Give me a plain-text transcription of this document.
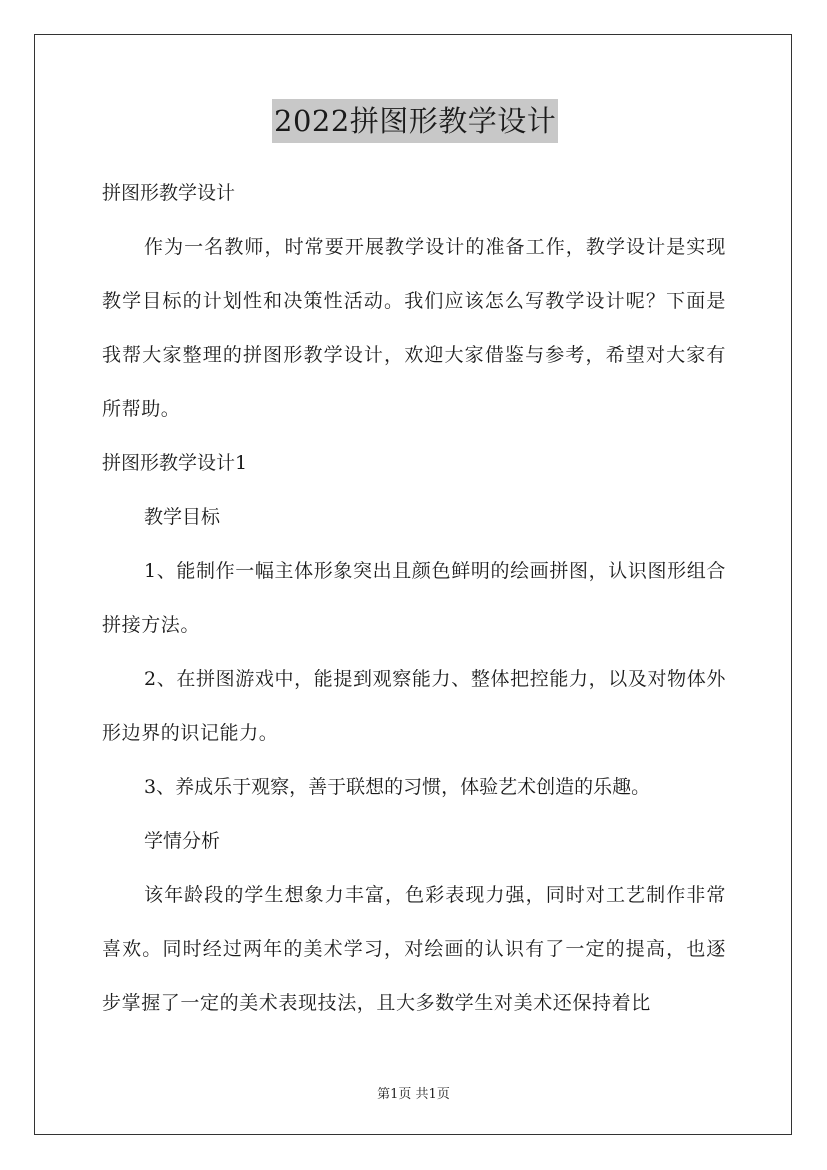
2022拼图形教学设计

拼图形教学设计

作为一名教师，时常要开展教学设计的准备工作，教学设计是实现教学目标的计划性和决策性活动。我们应该怎么写教学设计呢？下面是我帮大家整理的拼图形教学设计，欢迎大家借鉴与参考，希望对大家有所帮助。

拼图形教学设计1

教学目标

1、能制作一幅主体形象突出且颜色鲜明的绘画拼图，认识图形组合拼接方法。

2、在拼图游戏中，能提到观察能力、整体把控能力，以及对物体外形边界的识记能力。

3、养成乐于观察，善于联想的习惯，体验艺术创造的乐趣。

学情分析

该年龄段的学生想象力丰富，色彩表现力强，同时对工艺制作非常喜欢。同时经过两年的美术学习，对绘画的认识有了一定的提高，也逐步掌握了一定的美术表现技法，且大多数学生对美术还保持着比

第1页 共1页
